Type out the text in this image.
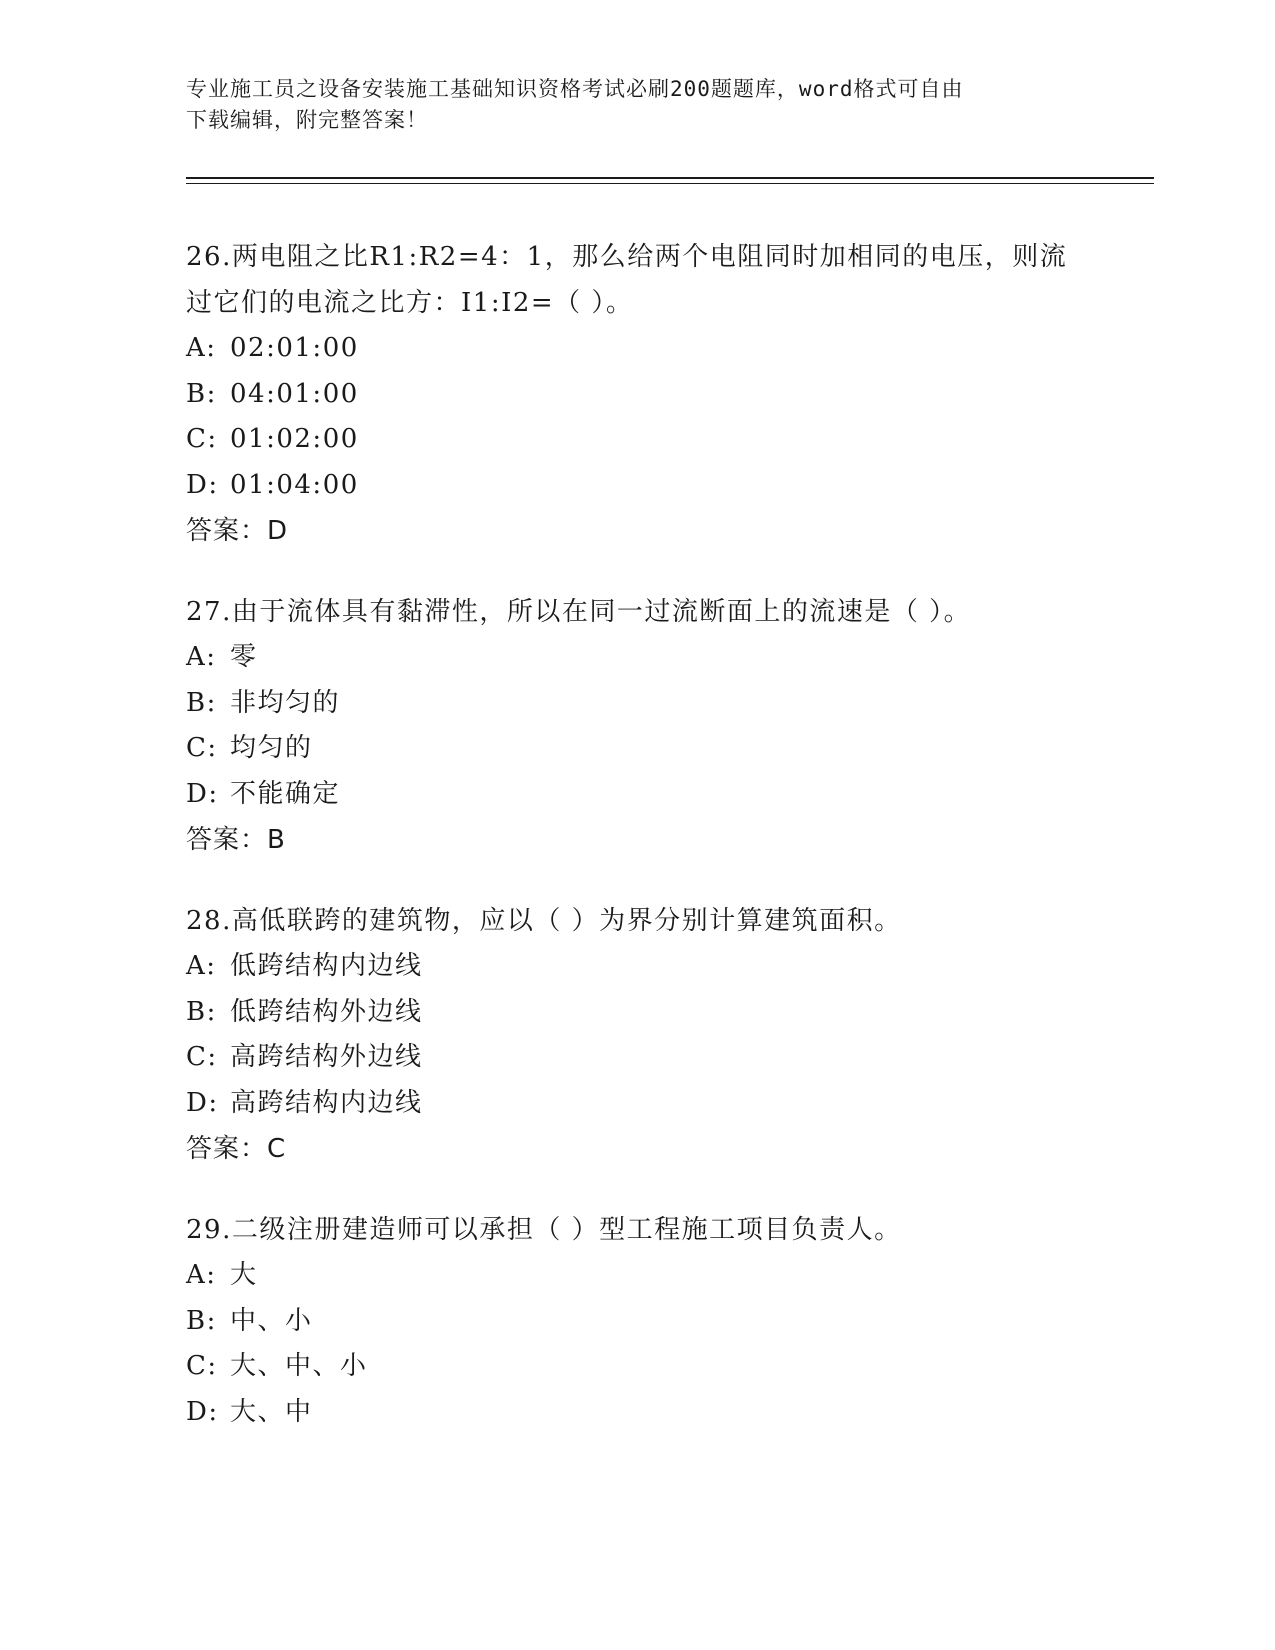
专业施工员之设备安装施工基础知识资格考试必刷200题题库，word格式可自由
下载编辑，附完整答案！

26.两电阻之比R1:R2=4：1，那么给两个电阻同时加相同的电压，则流过它们的电流之比方：I1:I2=（ ）。

A: 02:01:00

B: 04:01:00

C: 01:02:00

D: 01:04:00

答案：D

27.由于流体具有黏滞性，所以在同一过流断面上的流速是（ ）。

A: 零

B: 非均匀的

C: 均匀的

D: 不能确定

答案：B

28.高低联跨的建筑物，应以（ ）为界分别计算建筑面积。

A: 低跨结构内边线

B: 低跨结构外边线

C: 高跨结构外边线

D: 高跨结构内边线

答案：C

29.二级注册建造师可以承担（ ）型工程施工项目负责人。

A: 大

B: 中、小

C: 大、中、小

D: 大、中
